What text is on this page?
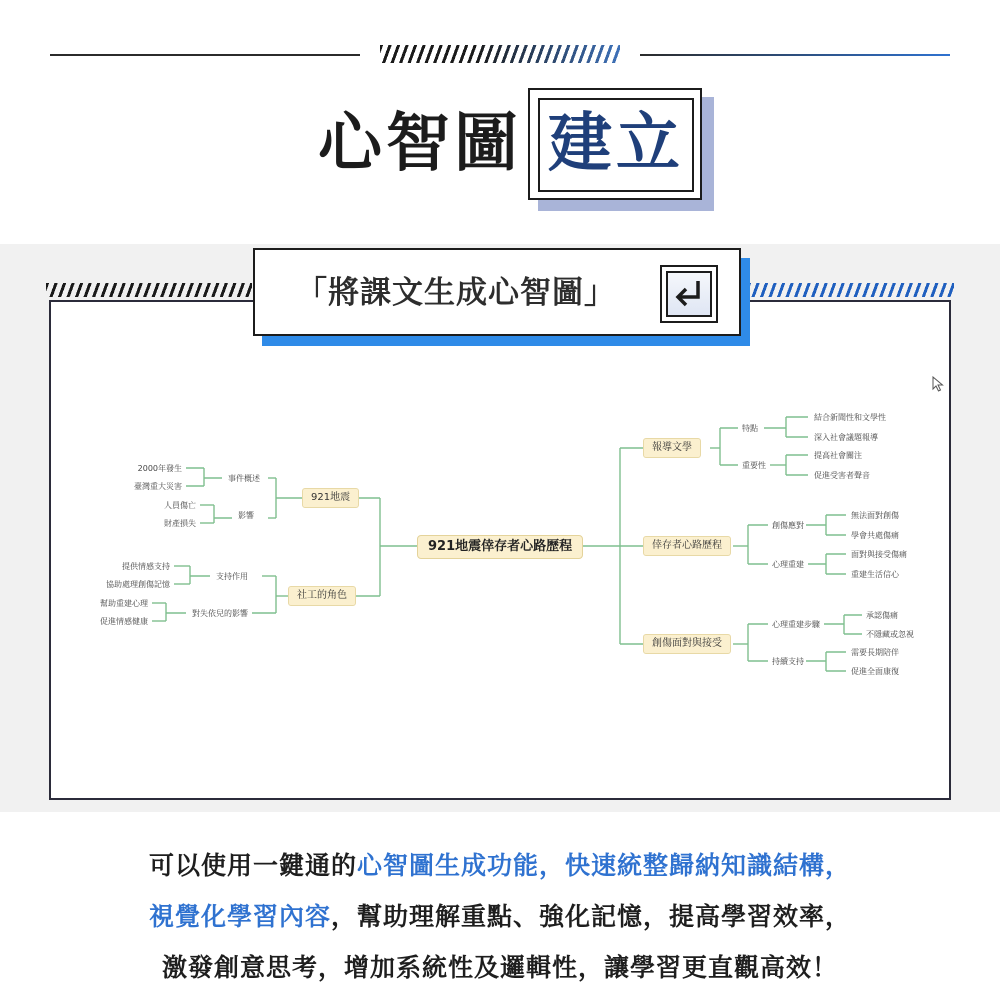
心智圖 建立
「將課文生成心智圖」
921地震倖存者心路歷程
921地震
社工的角色
事件概述
影響
支持作用
對失依兒的影響
2000年發生
臺灣重大災害
人員傷亡
財產損失
提供情感支持
協助處理創傷記憶
幫助重建心理
促進情感健康
報導文學
倖存者心路歷程
創傷面對與接受
特點
重要性
創傷應對
心理重建
心理重建步驟
持續支持
結合新聞性和文學性
深入社會議題報導
提高社會關注
促進受害者聲音
無法面對創傷
學會共處傷痛
面對與接受傷痛
重建生活信心
承認傷痛
不隱藏或忽視
需要長期陪伴
促進全面康復
可以使用一鍵通的心智圖生成功能，快速統整歸納知識結構，
視覺化學習內容，幫助理解重點、強化記憶，提高學習效率，
激發創意思考，增加系統性及邏輯性，讓學習更直觀高效！
